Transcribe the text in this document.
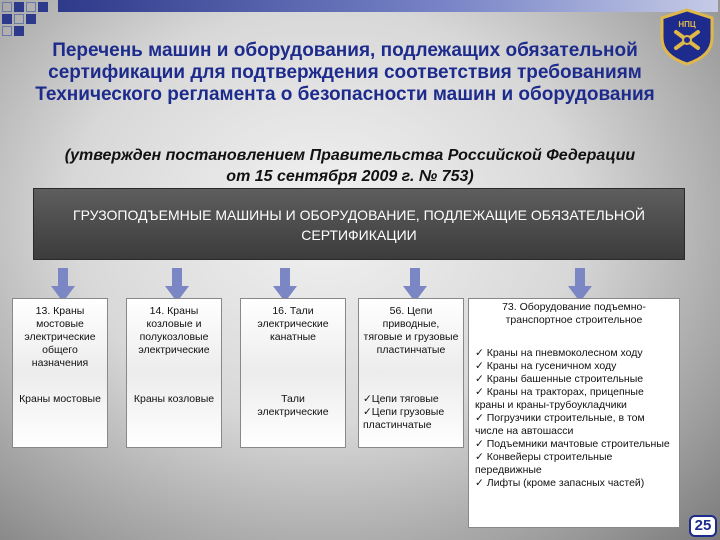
НПЦ
Перечень машин и оборудования, подлежащих обязательной сертификации для подтверждения соответствия требованиям Технического регламента о безопасности машин и оборудования
(утвержден постановлением Правительства Российской Федерации от 15 сентября 2009 г. № 753)
ГРУЗОПОДЪЕМНЫЕ МАШИНЫ И ОБОРУДОВАНИЕ, ПОДЛЕЖАЩИЕ ОБЯЗАТЕЛЬНОЙ СЕРТИФИКАЦИИ
13. Краны мостовые электрические общего назначения
Краны мостовые
14. Краны козловые и полукозловые электрические
Краны козловые
16. Тали электрические канатные
Тали электрические
56. Цепи приводные, тяговые и грузовые пластинчатые
✓Цепи тяговые
✓Цепи грузовые пластинчатые
73. Оборудование подъемно-транспортное строительное
✓ Краны на пневмоколесном ходу
✓ Краны на гусеничном ходу
✓ Краны башенные строительные
✓ Краны на тракторах, прицепные краны и краны-трубоукладчики
✓ Погрузчики строительные, в том числе на автошасси
✓ Подъемники мачтовые строительные
✓ Конвейеры строительные передвижные
✓ Лифты (кроме запасных частей)
25
